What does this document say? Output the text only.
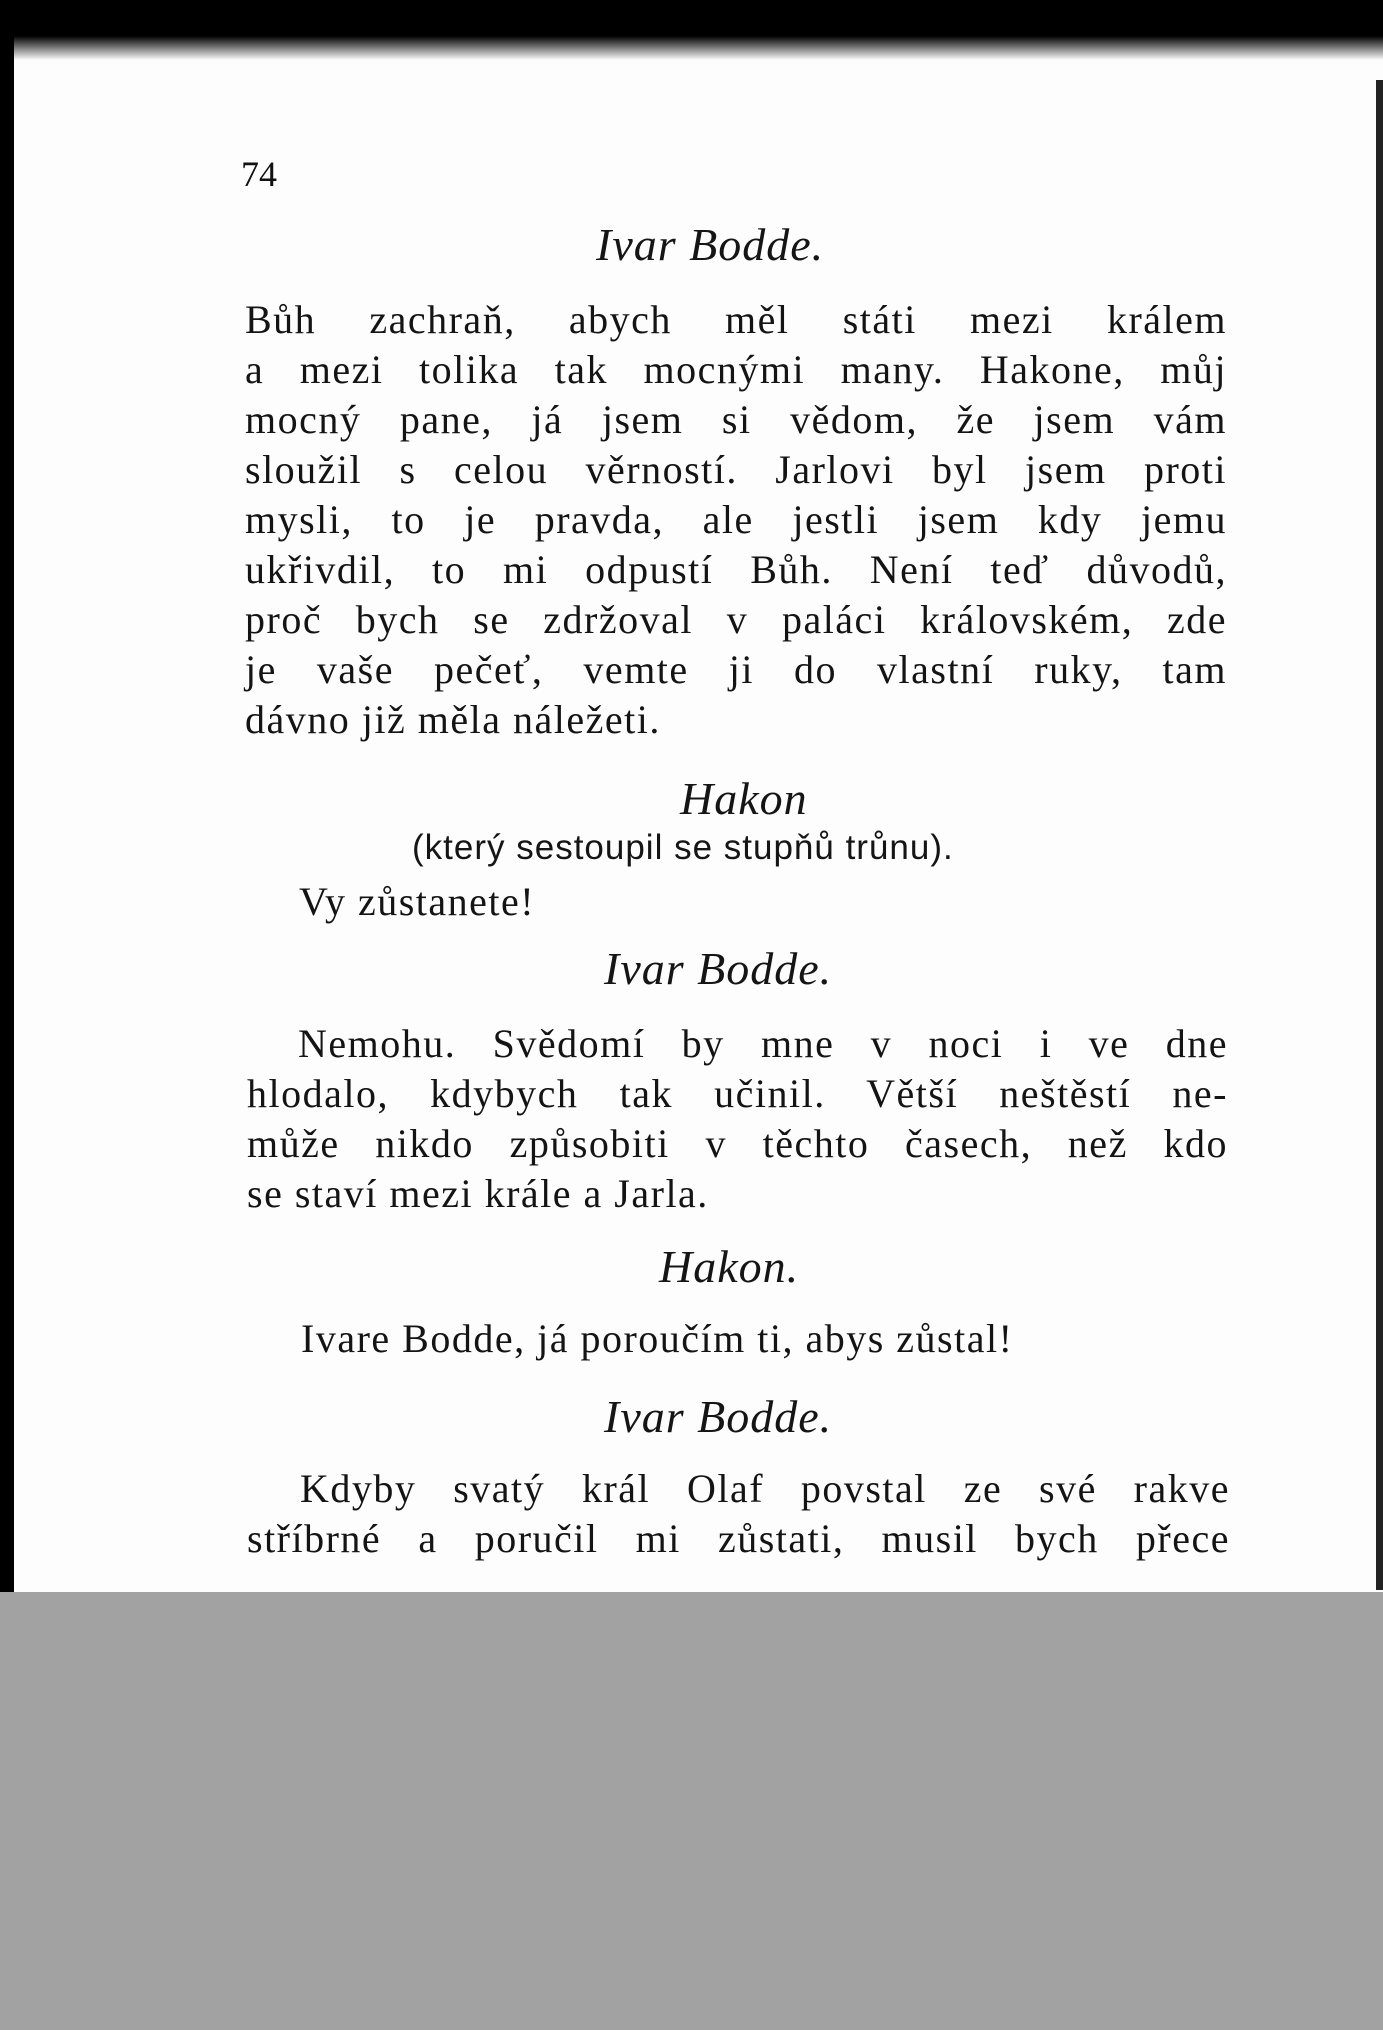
74
Ivar Bodde.
Bůh zachraň, abych měl státi mezi králem
a mezi tolika tak mocnými many. Hakone, můj
mocný pane, já jsem si vědom, že jsem vám
sloužil s celou věrností. Jarlovi byl jsem proti
mysli, to je pravda, ale jestli jsem kdy jemu
ukřivdil, to mi odpustí Bůh. Není teď důvodů,
proč bych se zdržoval v paláci královském, zde
je vaše pečeť, vemte ji do vlastní ruky, tam
dávno již měla náležeti.
Hakon
(který sestoupil se stupňů trůnu).
Vy zůstanete!
Ivar Bodde.
Nemohu. Svědomí by mne v noci i ve dne
hlodalo, kdybych tak učinil. Větší neštěstí ne-
může nikdo způsobiti v těchto časech, než kdo
se staví mezi krále a Jarla.
Hakon.
Ivare Bodde, já poroučím ti, abys zůstal!
Ivar Bodde.
Kdyby svatý král Olaf povstal ze své rakve
stříbrné a poručil mi zůstati, musil bych přece
